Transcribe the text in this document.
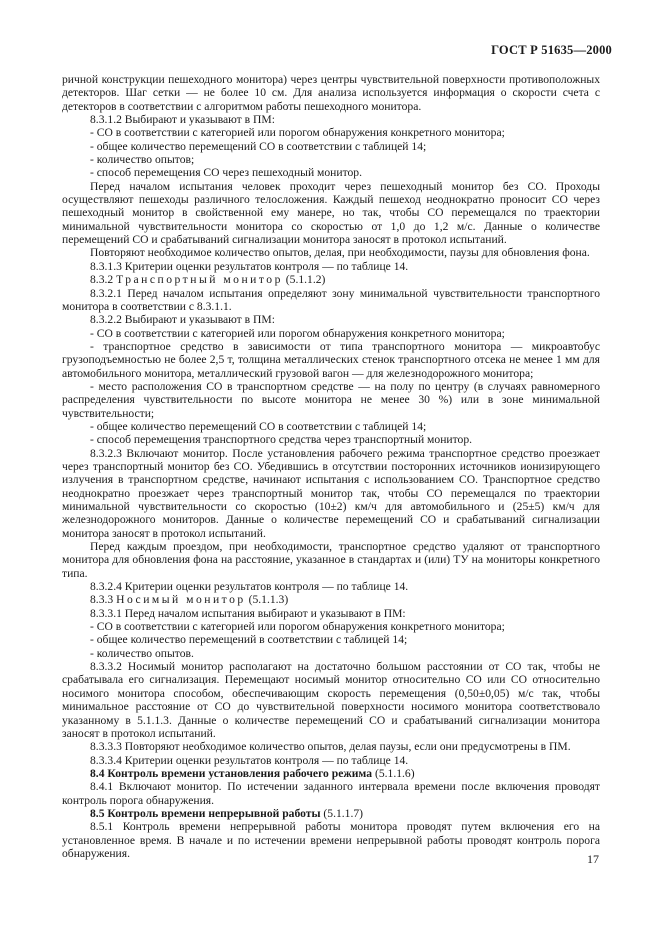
ГОСТ Р 51635—2000

ричной конструкции пешеходного монитора) через центры чувствительной поверхности противоположных детекторов. Шаг сетки — не более 10 см. Для анализа используется информация о скорости счета с детекторов в соответствии с алгоритмом работы пешеходного монитора.

8.3.1.2 Выбирают и указывают в ПМ:

- СО в соответствии с категорией или порогом обнаружения конкретного монитора;

- общее количество перемещений СО в соответствии с таблицей 14;

- количество опытов;

- способ перемещения СО через пешеходный монитор.

Перед началом испытания человек проходит через пешеходный монитор без СО. Проходы осуществляют пешеходы различного телосложения. Каждый пешеход неоднократно проносит СО через пешеходный монитор в свойственной ему манере, но так, чтобы СО перемещался по траектории минимальной чувствительности монитора со скоростью от 1,0 до 1,2 м/с. Данные о количестве перемещений СО и срабатываний сигнализации монитора заносят в протокол испытаний.

Повторяют необходимое количество опытов, делая, при необходимости, паузы для обновления фона.

8.3.1.3 Критерии оценки результатов контроля — по таблице 14.

8.3.2 Транспортный монитор (5.1.1.2)

8.3.2.1 Перед началом испытания определяют зону минимальной чувствительности транспортного монитора в соответствии с 8.3.1.1.

8.3.2.2 Выбирают и указывают в ПМ:

- СО в соответствии с категорией или порогом обнаружения конкретного монитора;

- транспортное средство в зависимости от типа транспортного монитора — микроавтобус грузоподъемностью не более 2,5 т, толщина металлических стенок транспортного отсека не менее 1 мм для автомобильного монитора, металлический грузовой вагон — для железнодорожного монитора;

- место расположения СО в транспортном средстве — на полу по центру (в случаях равномерного распределения чувствительности по высоте монитора не менее 30 %) или в зоне минимальной чувствительности;

- общее количество перемещений СО в соответствии с таблицей 14;

- способ перемещения транспортного средства через транспортный монитор.

8.3.2.3 Включают монитор. После установления рабочего режима транспортное средство проезжает через транспортный монитор без СО. Убедившись в отсутствии посторонних источников ионизирующего излучения в транспортном средстве, начинают испытания с использованием СО. Транспортное средство неоднократно проезжает через транспортный монитор так, чтобы СО перемещался по траектории минимальной чувствительности со скоростью (10±2) км/ч для автомобильного и (25±5) км/ч для железнодорожного мониторов. Данные о количестве перемещений СО и срабатываний сигнализации монитора заносят в протокол испытаний.

Перед каждым проездом, при необходимости, транспортное средство удаляют от транспортного монитора для обновления фона на расстояние, указанное в стандартах и (или) ТУ на мониторы конкретного типа.

8.3.2.4 Критерии оценки результатов контроля — по таблице 14.

8.3.3 Носимый монитор (5.1.1.3)

8.3.3.1 Перед началом испытания выбирают и указывают в ПМ:

- СО в соответствии с категорией или порогом обнаружения конкретного монитора;

- общее количество перемещений в соответствии с таблицей 14;

- количество опытов.

8.3.3.2 Носимый монитор располагают на достаточно большом расстоянии от СО так, чтобы не срабатывала его сигнализация. Перемещают носимый монитор относительно СО или СО относительно носимого монитора способом, обеспечивающим скорость перемещения (0,50±0,05) м/с так, чтобы минимальное расстояние от СО до чувствительной поверхности носимого монитора соответствовало указанному в 5.1.1.3. Данные о количестве перемещений СО и срабатываний сигнализации монитора заносят в протокол испытаний.

8.3.3.3 Повторяют необходимое количество опытов, делая паузы, если они предусмотрены в ПМ.

8.3.3.4 Критерии оценки результатов контроля — по таблице 14.

8.4 Контроль времени установления рабочего режима (5.1.1.6)

8.4.1 Включают монитор. По истечении заданного интервала времени после включения проводят контроль порога обнаружения.

8.5 Контроль времени непрерывной работы (5.1.1.7)

8.5.1 Контроль времени непрерывной работы монитора проводят путем включения его на установленное время. В начале и по истечении времени непрерывной работы проводят контроль порога обнаружения.	17
